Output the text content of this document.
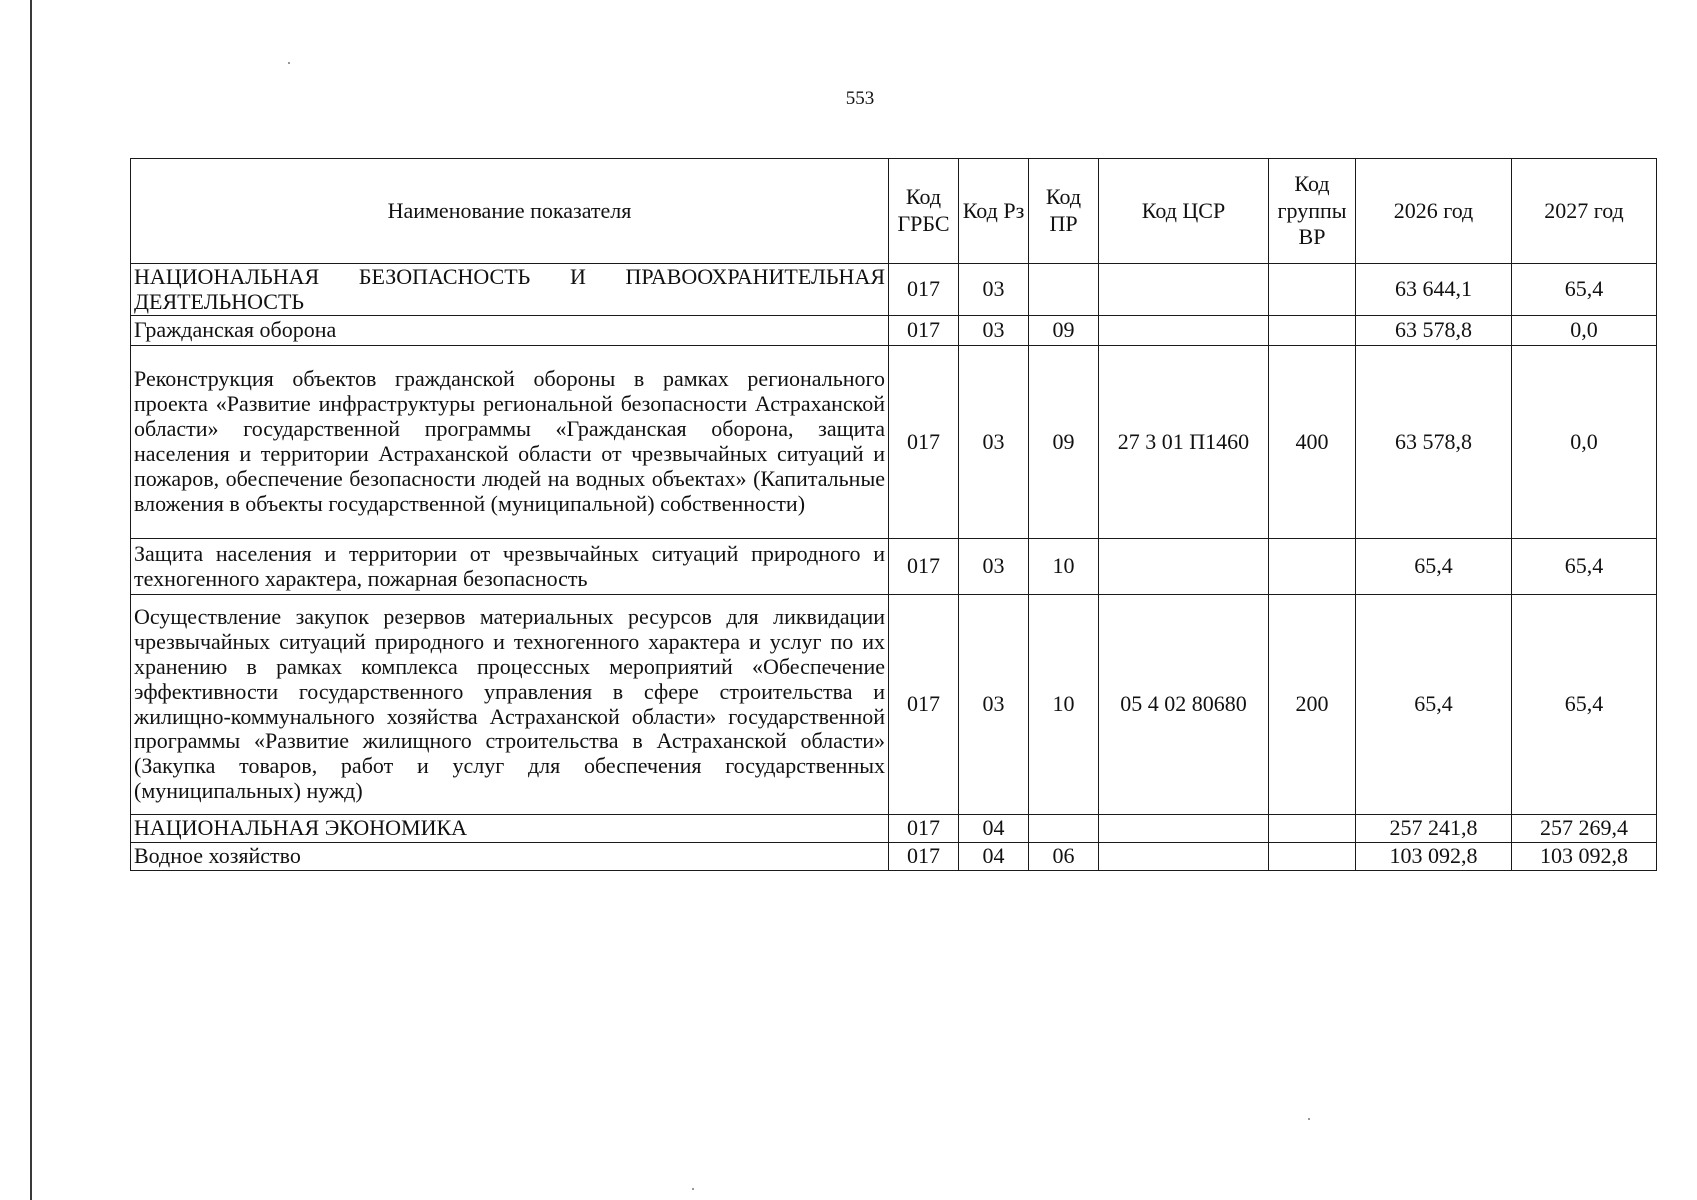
553
Наименование показателя	Код ГРБС	Код Рз	Код ПР	Код ЦСР	Код группы ВР	2026 год	2027 год
НАЦИОНАЛЬНАЯ БЕЗОПАСНОСТЬ И ПРАВООХРАНИТЕЛЬНАЯ ДЕЯТЕЛЬНОСТЬ	017	03				63 644,1	65,4
Гражданская оборона	017	03	09			63 578,8	0,0
Реконструкция объектов гражданской обороны в рамках регионального проекта «Развитие инфраструктуры региональной безопасности Астраханской области» государственной программы «Гражданская оборона, защита населения и территории Астраханской области от чрезвычайных ситуаций и пожаров, обеспечение безопасности людей на водных объектах» (Капитальные вложения в объекты государственной (муниципальной) собственности)	017	03	09	27 3 01 П1460	400	63 578,8	0,0
Защита населения и территории от чрезвычайных ситуаций природного и техногенного характера, пожарная безопасность	017	03	10			65,4	65,4
Осуществление закупок резервов материальных ресурсов для ликвидации чрезвычайных ситуаций природного и техногенного характера и услуг по их хранению в рамках комплекса процессных мероприятий «Обеспечение эффективности государственного управления в сфере строительства и жилищно-коммунального хозяйства Астраханской области» государственной программы «Развитие жилищного строительства в Астраханской области» (Закупка товаров, работ и услуг для обеспечения государственных (муниципальных) нужд)	017	03	10	05 4 02 80680	200	65,4	65,4
НАЦИОНАЛЬНАЯ ЭКОНОМИКА	017	04				257 241,8	257 269,4
Водное хозяйство	017	04	06			103 092,8	103 092,8
